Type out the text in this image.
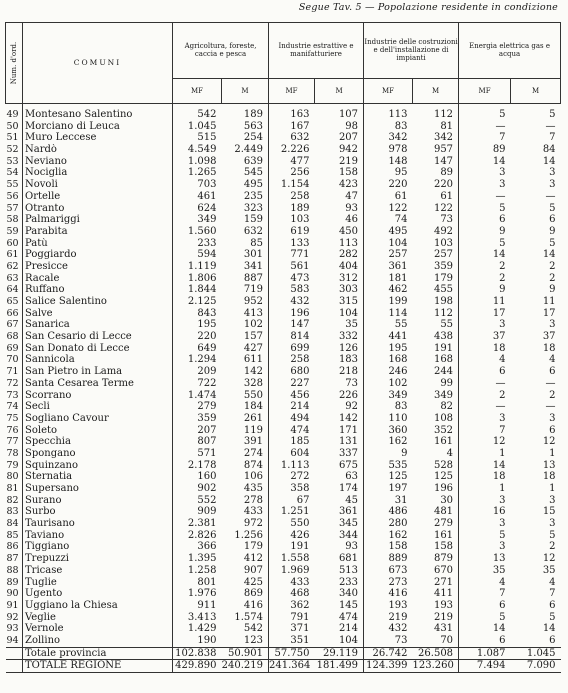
Segue Tav. 5 — Popolazione residente in condizione
Num. d'ord.	COMUNI	Agricoltura, foreste, caccia e pesca		Industrie estrattive e manifatturiere		Industrie delle costruzioni e dell'installazione di impianti		Energia elettrica gas e acqua	
		MF	M	MF	M	MF	M	MF	M
49	Montesano Salentino	542	189	163	107	113	112	5	5
50	Morciano di Leuca	1.045	563	167	98	83	81	—	—
51	Muro Leccese	515	254	632	207	342	342	7	7
52	Nardò	4.549	2.449	2.226	942	978	957	89	84
53	Neviano	1.098	639	477	219	148	147	14	14
54	Nociglia	1.265	545	256	158	95	89	3	3
55	Novoli	703	495	1.154	423	220	220	3	3
56	Ortelle	461	235	258	47	61	61	—	—
57	Otranto	624	323	189	93	122	122	5	5
58	Palmariggi	349	159	103	46	74	73	6	6
59	Parabita	1.560	632	619	450	495	492	9	9
60	Patù	233	85	133	113	104	103	5	5
61	Poggiardo	594	301	771	282	257	257	14	14
62	Presicce	1.119	341	561	404	361	359	2	2
63	Racale	1.806	887	473	312	181	179	2	2
64	Ruffano	1.844	719	583	303	462	455	9	9
65	Salice Salentino	2.125	952	432	315	199	198	11	11
66	Salve	843	413	196	104	114	112	17	17
67	Sanarica	195	102	147	35	55	55	3	3
68	San Cesario di Lecce	220	157	814	332	441	438	37	37
69	San Donato di Lecce	649	427	699	126	195	191	18	18
70	Sannicola	1.294	611	258	183	168	168	4	4
71	San Pietro in Lama	209	142	680	218	246	244	6	6
72	Santa Cesarea Terme	722	328	227	73	102	99	—	—
73	Scorrano	1.474	550	456	226	349	349	2	2
74	Secli	279	184	214	92	83	82	—	—
75	Sogliano Cavour	359	261	494	142	110	108	3	3
76	Soleto	207	119	474	171	360	352	7	6
77	Specchia	807	391	185	131	162	161	12	12
78	Spongano	571	274	604	337	9	4	1	1
79	Squinzano	2.178	874	1.113	675	535	528	14	13
80	Sternatia	160	106	272	63	125	125	18	18
81	Supersano	902	435	358	174	197	196	1	1
82	Surano	552	278	67	45	31	30	3	3
83	Surbo	909	433	1.251	361	486	481	16	15
84	Taurisano	2.381	972	550	345	280	279	3	3
85	Taviano	2.826	1.256	426	344	162	161	5	5
86	Tiggiano	366	179	191	93	158	158	3	2
87	Trepuzzi	1.395	412	1.558	681	889	879	13	12
88	Tricase	1.258	907	1.969	513	673	670	35	35
89	Tuglie	801	425	433	233	273	271	4	4
90	Ugento	1.976	869	468	340	416	411	7	7
91	Uggiano la Chiesa	911	416	362	145	193	193	6	6
92	Veglie	3.413	1.574	791	474	219	219	5	5
93	Vernole	1.429	542	371	214	432	431	14	14
94	Zollino	190	123	351	104	73	70	6	6
	Totale provincia	102.838	50.901	57.750	29.119	26.742	26.508	1.087	1.045
	TOTALE REGIONE	429.890	240.219	241.364	181.499	124.399	123.260	7.494	7.090
